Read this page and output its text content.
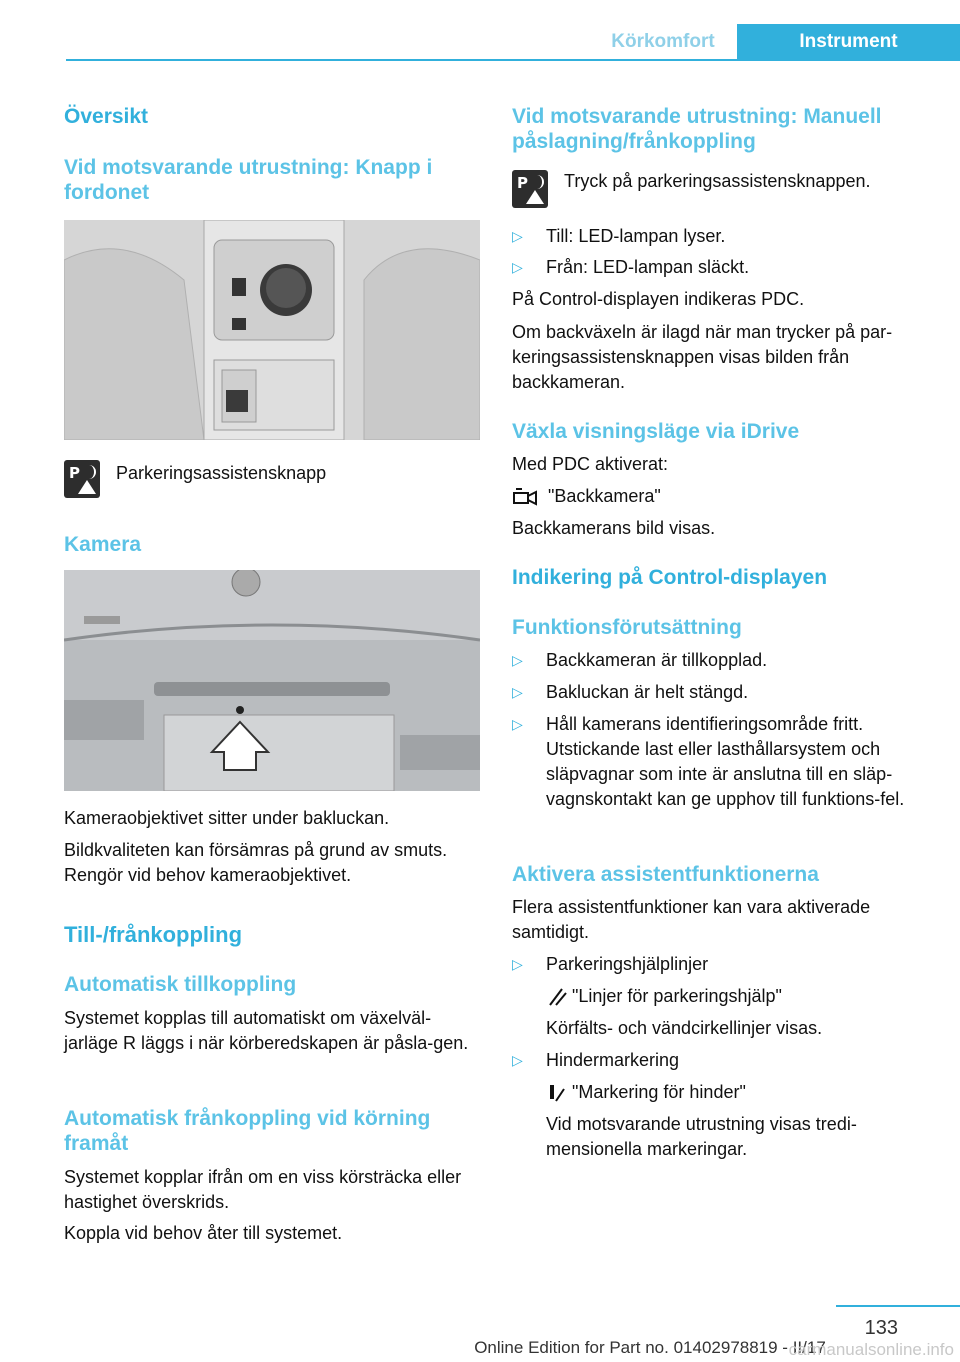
Körkomfort	Instrument
Översikt
Vid motsvarande utrustning: Knapp i fordonet
P Parkeringsassistensknapp
Kamera
Kameraobjektivet sitter under bakluckan.
Bildkvaliteten kan försämras på grund av smuts. Rengör vid behov kameraobjektivet.
Till-/frånkoppling
Automatisk tillkoppling
Systemet kopplas till automatiskt om växelväl-jarläge R läggs i när körberedskapen är påsla-gen.
Automatisk frånkoppling vid körning framåt
Systemet kopplar ifrån om en viss körsträcka eller hastighet överskrids.
Koppla vid behov åter till systemet.
Vid motsvarande utrustning: Manuell påslagning/frånkoppling
P Tryck på parkeringsassistensknappen.
▷ Till: LED-lampan lyser.
▷ Från: LED-lampan släckt.
På Control-displayen indikeras PDC.
Om backväxeln är ilagd när man trycker på par-keringsassistensknappen visas bilden från backkameran.
Växla visningsläge via iDrive
Med PDC aktiverat:
"Backkamera"
Backkamerans bild visas.
Indikering på Control-displayen
Funktionsförutsättning
▷ Backkameran är tillkopplad.
▷ Bakluckan är helt stängd.
▷ Håll kamerans identifieringsområde fritt. Utstickande last eller lasthållarsystem och släpvagnar som inte är anslutna till en släp-vagnskontakt kan ge upphov till funktions-fel.
Aktivera assistentfunktionerna
Flera assistentfunktioner kan vara aktiverade samtidigt.
▷ Parkeringshjälplinjer
"Linjer för parkeringshjälp"
Körfälts- och vändcirkellinjer visas.
▷ Hindermarkering
"Markering för hinder"
Vid motsvarande utrustning visas tredi-mensionella markeringar.
133
Online Edition for Part no. 01402978819 - II/17
carmanualsonline.info
